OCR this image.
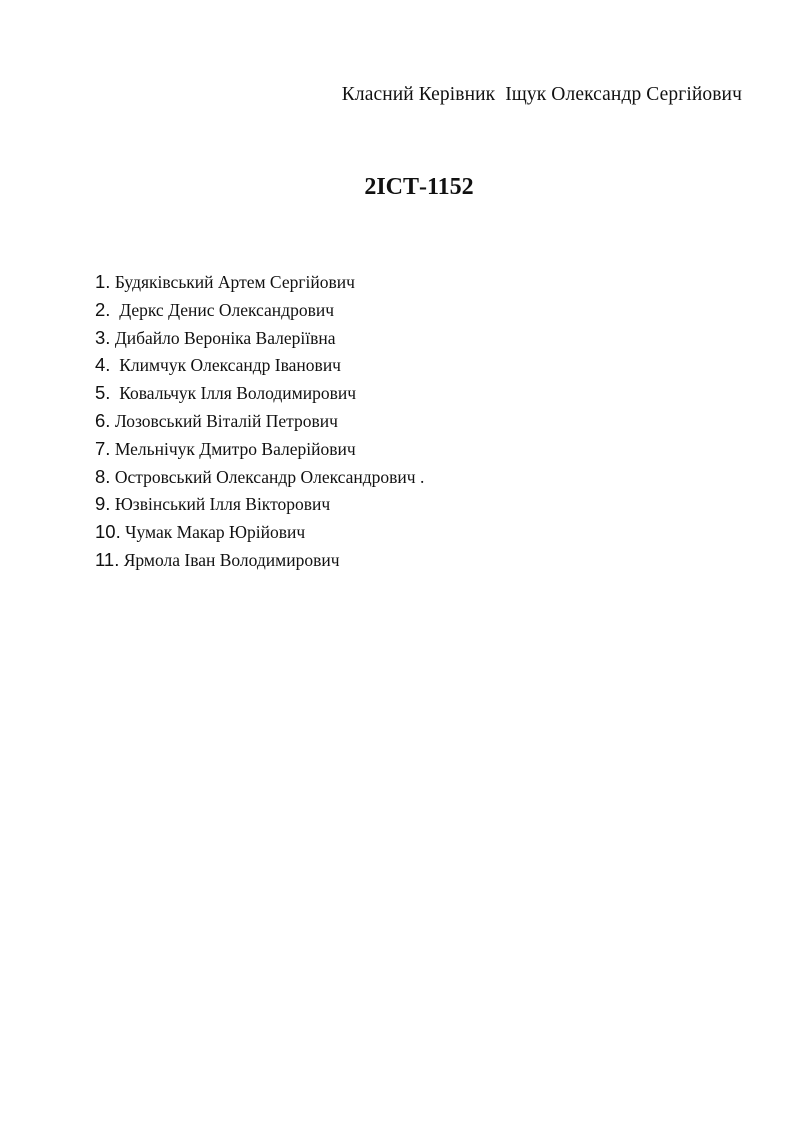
Класний Керівник Іщук Олександр Сергійович
2ІСТ-1152
1. Будяківський Артем Сергійович
2. Деркс Денис Олександрович
3. Дибайло Вероніка Валеріївна
4. Климчук Олександр Іванович
5. Ковальчук Ілля Володимирович
6. Лозовський Віталій Петрович
7. Мельнічук Дмитро Валерійович
8. Островський Олександр Олександрович .
9. Юзвінський Ілля Вікторович
10. Чумак Макар Юрійович
11. Ярмола Іван Володимирович
